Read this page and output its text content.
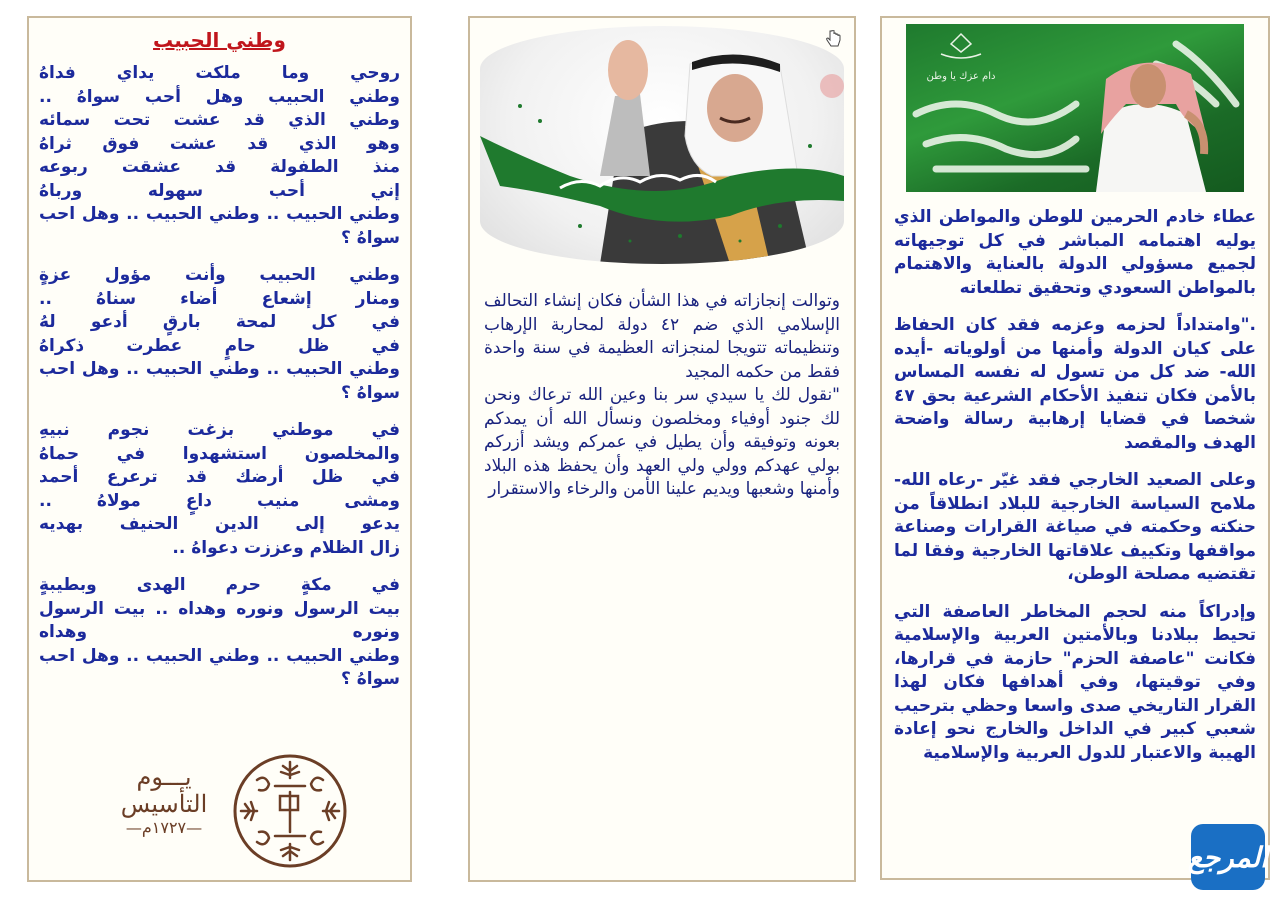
وطني الحبيب
روحي وما ملكت يداي فداهُ
وطني الحبيب وهل أحب سواهُ ..
وطني الذي قد عشت تحت سمائه
وهو الذي قد عشت فوق ثراهُ
منذ الطفولة قد عشقت ربوعه
إني أحب سهوله ورباهُ
وطني الحبيب .. وطني الحبيب .. وهل احب
سواهُ ؟
وطني الحبيب وأنت مؤول عزةٍ
ومنار إشعاع أضاء سناهُ ..
في كل لمحة بارقٍ أدعو لهُ
في ظل حامٍ عطرت ذكراهُ
وطني الحبيب .. وطني الحبيب .. وهل احب
سواهُ ؟
في موطني بزغت نجوم نبيهِ
والمخلصون استشهدوا في حماهُ
في ظل أرضك قد ترعرع أحمد
ومشى منيب داعٍ مولاهُ ..
يدعو إلى الدين الحنيف بهديه
زال الظلام وعززت دعواهُ ..
في مكةٍ حرم الهدى وبطيبةٍ
بيت الرسول ونوره وهداه .. بيت الرسول
ونوره وهداه
وطني الحبيب .. وطني الحبيب .. وهل احب
سواهُ ؟
يـــوم
التأسيس
—١٧٢٧م—

وتوالت إنجازاته في هذا الشأن فكان إنشاء التحالف الإسلامي الذي ضم ٤٢ دولة لمحاربة الإرهاب وتنظيماته تتويجا لمنجزاته العظيمة في سنة واحدة فقط من حكمه المجيد

"نقول لك يا سيدي سر بنا وعين الله ترعاك ونحن لك جنود أوفياء ومخلصون ونسأل الله أن يمدكم بعونه وتوفيقه وأن يطيل في عمركم ويشد أزركم بولي عهدكم وولي ولي العهد وأن يحفظ هذه البلاد وأمنها وشعبها ويديم علينا الأمن والرخاء والاستقرار

دام عزك يا وطن

عطاء خادم الحرمين للوطن والمواطن الذي يوليه اهتمامه المباشر في كل توجيهاته لجميع مسؤولي الدولة بالعناية والاهتمام بالمواطن السعودي وتحقيق تطلعاته

."وامتداداً لحزمه وعزمه فقد كان الحفاظ على كيان الدولة وأمنها من أولوياته -أيده الله- ضد كل من تسول له نفسه المساس بالأمن فكان تنفيذ الأحكام الشرعية بحق ٤٧ شخصا في قضايا إرهابية رسالة واضحة الهدف والمقصد

وعلى الصعيد الخارجي فقد غيّر -رعاه الله- ملامح السياسة الخارجية للبلاد انطلاقاً من حنكته وحكمته في صياغة القرارات وصناعة مواقفها وتكييف علاقاتها الخارجية وفقا لما تقتضيه مصلحة الوطن،

وإدراكاً منه لحجم المخاطر العاصفة التي تحيط ببلادنا وبالأمتين العربية والإسلامية فكانت "عاصفة الحزم" حازمة في قرارها، وفي توقيتها، وفي أهدافها فكان لهذا القرار التاريخي صدى واسعا وحظي بترحيب شعبي كبير في الداخل والخارج نحو إعادة الهيبة والاعتبار للدول العربية والإسلامية

المرجع
